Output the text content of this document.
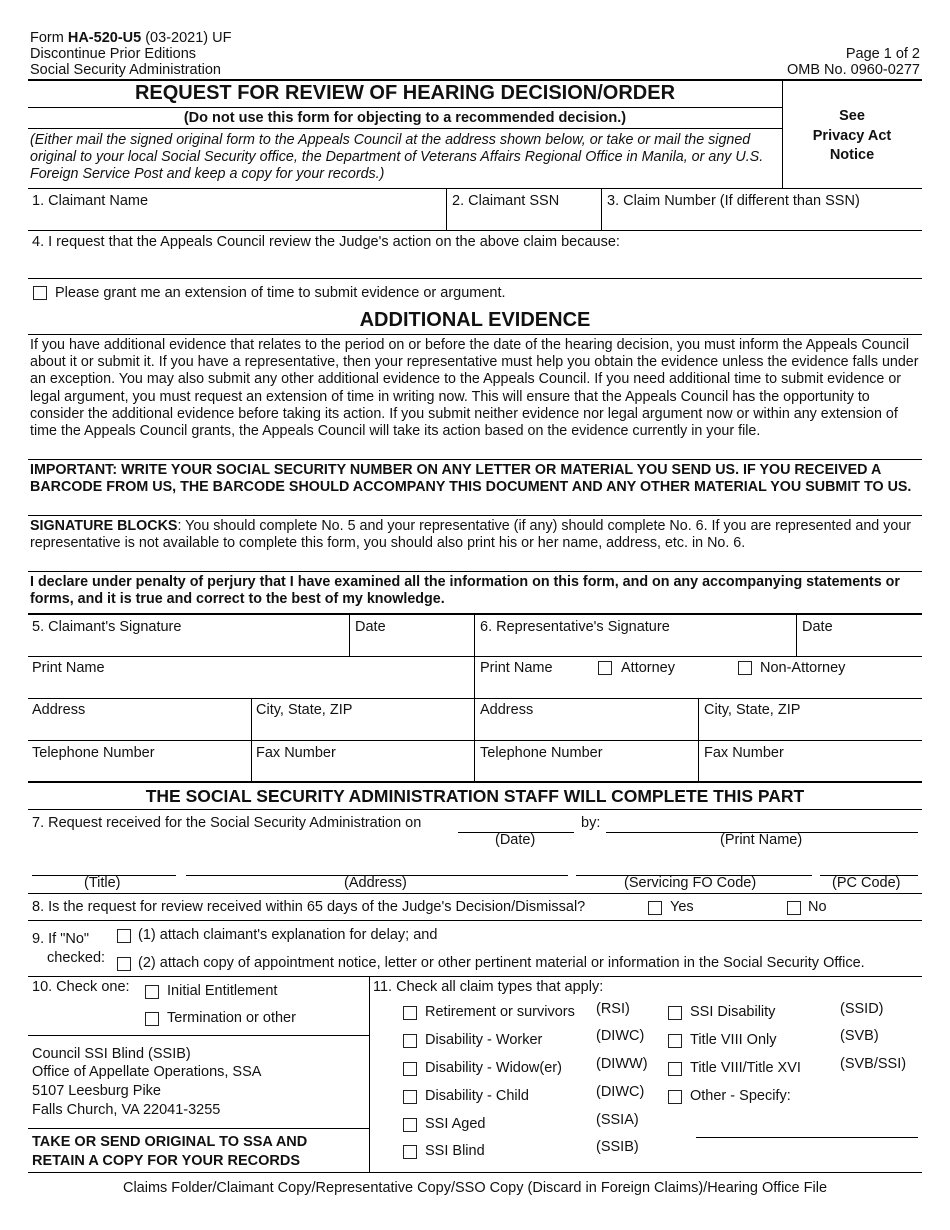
Form HA-520-U5 (03-2021) UF
Discontinue Prior Editions
Social Security Administration
Page 1 of 2
OMB No. 0960-0277
REQUEST FOR REVIEW OF HEARING DECISION/ORDER
(Do not use this form for objecting to a recommended decision.)
(Either mail the signed original form to the Appeals Council at the address shown below, or take or mail the signed original to your local Social Security office, the Department of Veterans Affairs Regional Office in Manila, or any U.S. Foreign Service Post and keep a copy for your records.)
See
Privacy Act
Notice
1. Claimant Name	2. Claimant SSN	3. Claim Number (If different than SSN)
4. I request that the Appeals Council review the Judge's action on the above claim because:
Please grant me an extension of time to submit evidence or argument.
ADDITIONAL EVIDENCE
If you have additional evidence that relates to the period on or before the date of the hearing decision, you must inform the Appeals Council about it or submit it. If you have a representative, then your representative must help you obtain the evidence unless the evidence falls under an exception. You may also submit any other additional evidence to the Appeals Council. If you need additional time to submit evidence or legal argument, you must request an extension of time in writing now. This will ensure that the Appeals Council has the opportunity to consider the additional evidence before taking its action. If you submit neither evidence nor legal argument now or within any extension of time the Appeals Council grants, the Appeals Council will take its action based on the evidence currently in your file.
IMPORTANT: WRITE YOUR SOCIAL SECURITY NUMBER ON ANY LETTER OR MATERIAL YOU SEND US. IF YOU RECEIVED A BARCODE FROM US, THE BARCODE SHOULD ACCOMPANY THIS DOCUMENT AND ANY OTHER MATERIAL YOU SUBMIT TO US.
SIGNATURE BLOCKS: You should complete No. 5 and your representative (if any) should complete No. 6. If you are represented and your representative is not available to complete this form, you should also print his or her name, address, etc. in No. 6.
I declare under penalty of perjury that I have examined all the information on this form, and on any accompanying statements or forms, and it is true and correct to the best of my knowledge.
5. Claimant's Signature	Date	6. Representative's Signature	Date
Print Name	Print Name	Attorney	Non-Attorney
Address	City, State, ZIP	Address	City, State, ZIP
Telephone Number	Fax Number	Telephone Number	Fax Number
THE SOCIAL SECURITY ADMINISTRATION STAFF WILL COMPLETE THIS PART
7. Request received for the Social Security Administration on	by:
(Date)	(Print Name)
(Title)	(Address)	(Servicing FO Code)	(PC Code)
8. Is the request for review received within 65 days of the Judge's Decision/Dismissal?	Yes	No
9. If "No"
checked:
(1) attach claimant's explanation for delay; and
(2) attach copy of appointment notice, letter or other pertinent material or information in the Social Security Office.
10. Check one:	Initial Entitlement
Termination or other
Council SSI Blind (SSIB)
Office of Appellate Operations, SSA
5107 Leesburg Pike
Falls Church, VA 22041-3255
TAKE OR SEND ORIGINAL TO SSA AND
RETAIN A COPY FOR YOUR RECORDS
11. Check all claim types that apply:
Retirement or survivors (RSI)
Disability - Worker	(DIWC)
Disability - Widow(er) (DIWW)
Disability - Child	(DIWC)
SSI Aged	(SSIA)
SSI Blind	(SSIB)
SSI Disability	(SSID)
Title VIII Only	(SVB)
Title VIII/Title XVI	(SVB/SSI)
Other - Specify:
Claims Folder/Claimant Copy/Representative Copy/SSO Copy (Discard in Foreign Claims)/Hearing Office File
